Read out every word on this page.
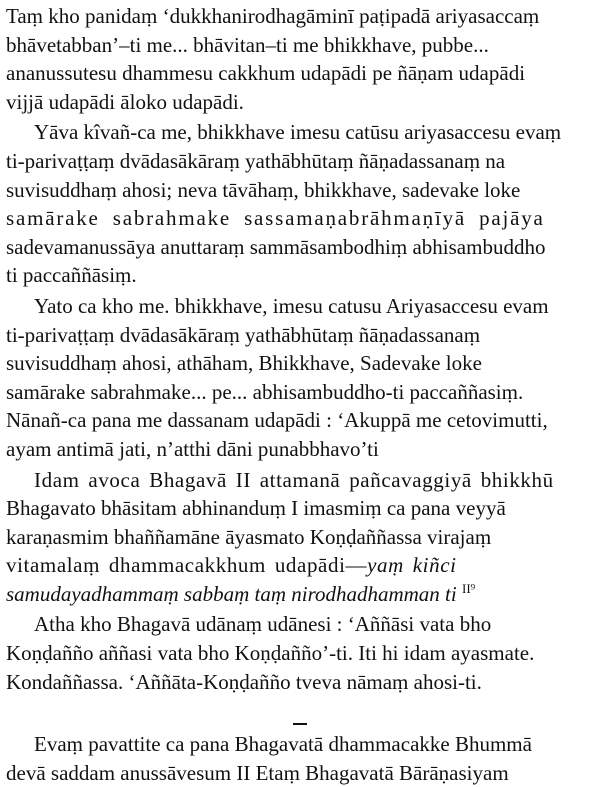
Taṃ kho panidaṃ ‘dukkhanirodhagāminī paṭipadā ariyasaccaṃ
bhāvetabban’–ti me... bhāvitan–ti me bhikkhave, pubbe...
ananussutesu dhammesu cakkhum udapādi pe ñāṇam udapādi
vijjā udapādi āloko udapādi.
Yāva kîvañ-ca me, bhikkhave imesu catūsu ariyasaccesu evaṃ
ti-parivaṭṭaṃ dvādasākāraṃ yathābhūtaṃ ñāṇadassanaṃ na
suvisuddhaṃ ahosi; neva tāvāhaṃ, bhikkhave, sadevake loke
samārake sabrahmake sassamaṇabrāhmaṇīyā pajāya
sadevamanussāya anuttaraṃ sammāsambodhiṃ abhisambuddho
ti paccaññāsiṃ.
Yato ca kho me. bhikkhave, imesu catusu Ariyasaccesu evam
ti-parivaṭṭaṃ dvādasākāraṃ yathābhūtaṃ ñāṇadassanaṃ
suvisuddhaṃ ahosi, athāham, Bhikkhave, Sadevake loke
samārake sabrahmake... pe... abhisambuddho-ti paccaññasiṃ.
Nānañ-ca pana me dassanam udapādi : ‘Akuppā me cetovimutti,
ayam antimā jati, n’atthi dāni punabbhavo’ti
Idam avoca Bhagavā II attamanā pañcavaggiyā bhikkhū
Bhagavato bhāsitam abhinanduṃ I imasmiṃ ca pana veyyā
karaṇasmim bhaññamāne āyasmato Koṇḍaññassa virajaṃ
vitamalaṃ dhammacakkhum udapādi—yaṃ kiñci
samudayadhammaṃ sabbaṃ taṃ nirodhadhamman ti $^{II^9}$
Atha kho Bhagavā udānaṃ udānesi : ‘Aññāsi vata bho
Koṇḍañño aññasi vata bho Koṇḍañño’-ti. Iti hi idam ayasmate.
Kondaññassa. ‘Aññāta-Koṇḍañño tveva nāmaṃ ahosi-ti.
Evaṃ pavattite ca pana Bhagavatā dhammacakke Bhummā
devā saddam anussāvesum II Etaṃ Bhagavatā Bārāṇasiyam
